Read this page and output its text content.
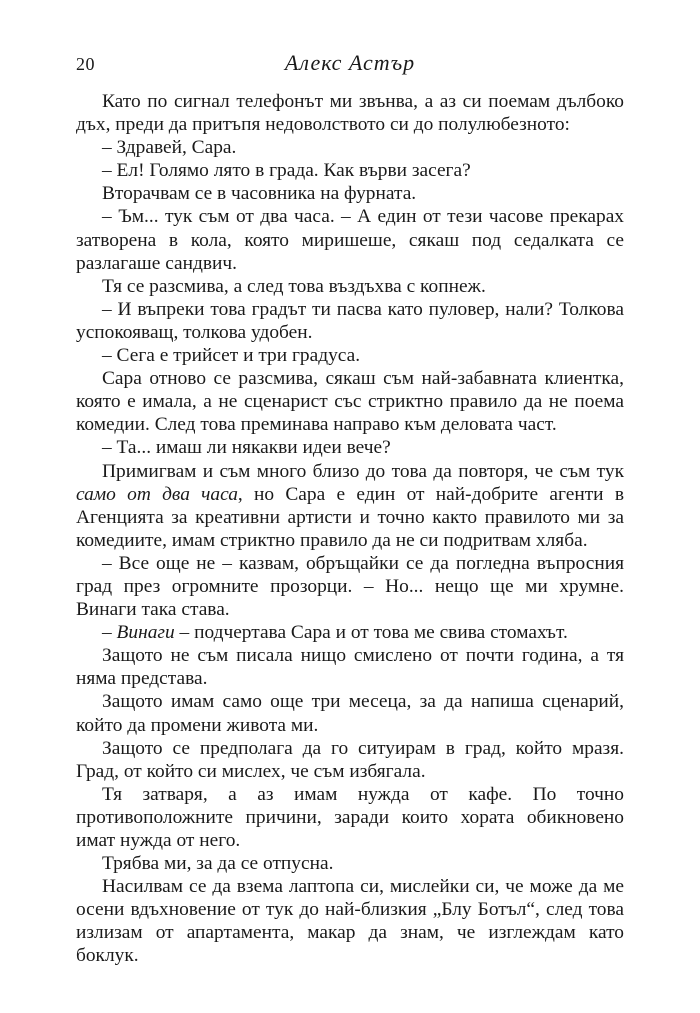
20	Алекс Астър

Като по сигнал телефонът ми звънва, а аз си поемам дълбоко дъх, преди да притъпя недоволството си до полулюбезното:

– Здравей, Сара.

– Ел! Голямо лято в града. Как върви засега?

Вторачвам се в часовника на фурната.

– Ъм... тук съм от два часа. – А един от тези часове прекарах затворена в кола, която миришеше, сякаш под седалката се разлагаше сандвич.

Тя се разсмива, а след това въздъхва с копнеж.

– И въпреки това градът ти пасва като пуловер, нали? Толкова успокояващ, толкова удобен.

– Сега е трийсет и три градуса.

Сара отново се разсмива, сякаш съм най-забавната клиентка, която е имала, а не сценарист със стриктно правило да не поема комедии. След това преминава направо към деловата част.

– Та... имаш ли някакви идеи вече?

Примигвам и съм много близо до това да повторя, че съм тук само от два часа, но Сара е един от най-добрите агенти в Агенцията за креативни артисти и точно както правилото ми за комедиите, имам стриктно правило да не си подритвам хляба.

– Все още не – казвам, обръщайки се да погледна въпросния град през огромните прозорци. – Но... нещо ще ми хрумне. Винаги така става.

– Винаги – подчертава Сара и от това ме свива стомахът.

Защото не съм писала нищо смислено от почти година, а тя няма представа.

Защото имам само още три месеца, за да напиша сценарий, който да промени живота ми.

Защото се предполага да го ситуирам в град, който мразя. Град, от който си мислех, че съм избягала.

Тя затваря, а аз имам нужда от кафе. По точно противоположните причини, заради които хората обикновено имат нужда от него.

Трябва ми, за да се отпусна.

Насилвам се да взема лаптопа си, мислейки си, че може да ме осени вдъхновение от тук до най-близкия „Блу Ботъл“, след това излизам от апартамента, макар да знам, че изглеждам като боклук.
